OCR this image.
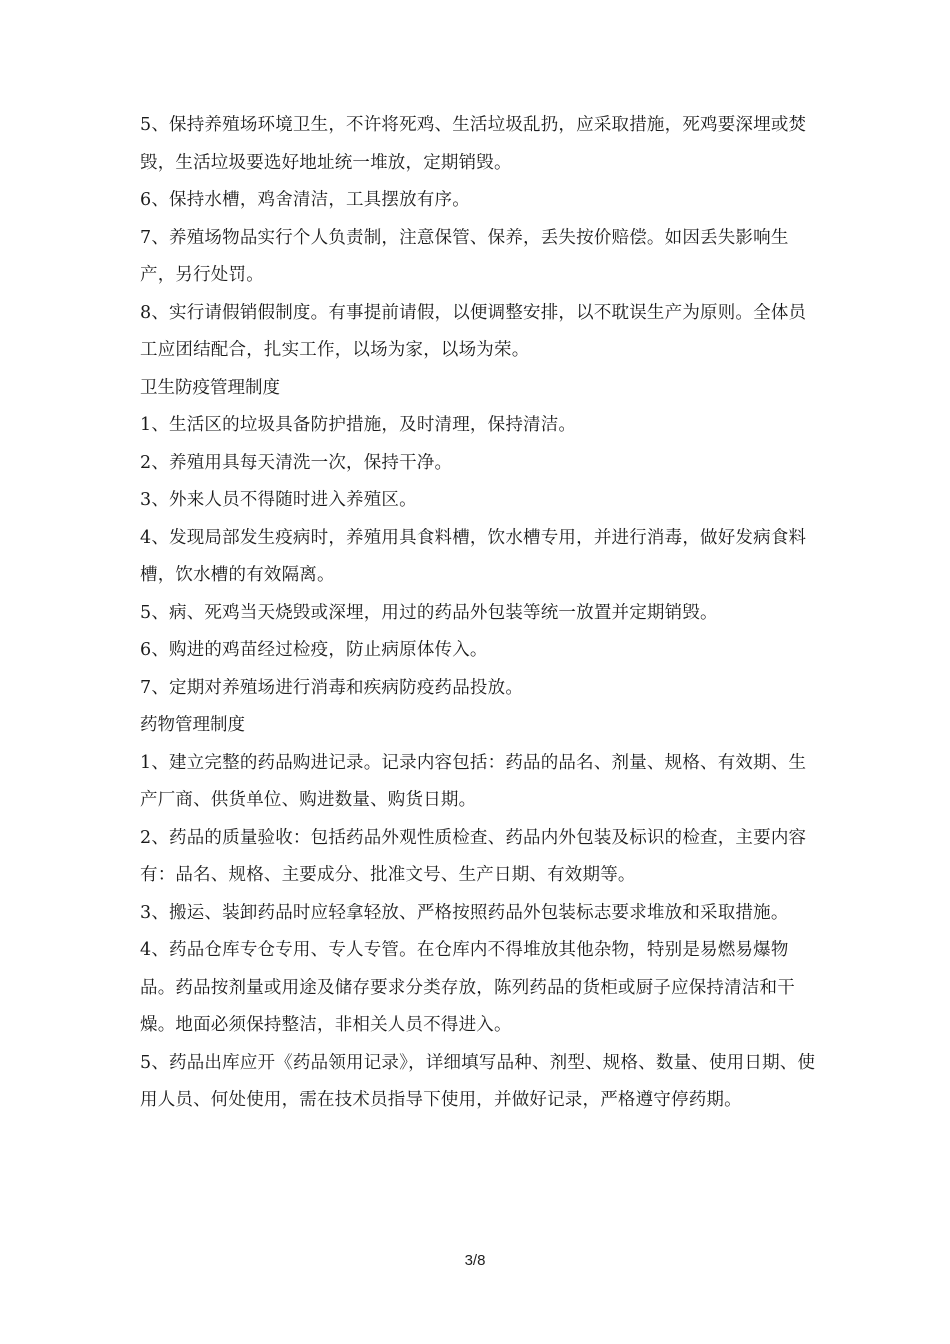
5、保持养殖场环境卫生，不许将死鸡、生活垃圾乱扔，应采取措施，死鸡要深埋或焚毁，生活垃圾要选好地址统一堆放，定期销毁。

6、保持水槽，鸡舍清洁，工具摆放有序。

7、养殖场物品实行个人负责制，注意保管、保养，丢失按价赔偿。如因丢失影响生产，另行处罚。

8、实行请假销假制度。有事提前请假，以便调整安排，以不耽误生产为原则。全体员工应团结配合，扎实工作，以场为家，以场为荣。

卫生防疫管理制度

1、生活区的垃圾具备防护措施，及时清理，保持清洁。

2、养殖用具每天清洗一次，保持干净。

3、外来人员不得随时进入养殖区。

4、发现局部发生疫病时，养殖用具食料槽，饮水槽专用，并进行消毒，做好发病食料槽，饮水槽的有效隔离。

5、病、死鸡当天烧毁或深埋，用过的药品外包装等统一放置并定期销毁。

6、购进的鸡苗经过检疫，防止病原体传入。

7、定期对养殖场进行消毒和疾病防疫药品投放。

药物管理制度

1、建立完整的药品购进记录。记录内容包括：药品的品名、剂量、规格、有效期、生产厂商、供货单位、购进数量、购货日期。

2、药品的质量验收：包括药品外观性质检查、药品内外包装及标识的检查，主要内容有：品名、规格、主要成分、批准文号、生产日期、有效期等。

3、搬运、装卸药品时应轻拿轻放、严格按照药品外包装标志要求堆放和采取措施。

4、药品仓库专仓专用、专人专管。在仓库内不得堆放其他杂物，特别是易燃易爆物品。药品按剂量或用途及储存要求分类存放，陈列药品的货柜或厨子应保持清洁和干燥。地面必须保持整洁，非相关人员不得进入。

5、药品出库应开《药品领用记录》，详细填写品种、剂型、规格、数量、使用日期、使用人员、何处使用，需在技术员指导下使用，并做好记录，严格遵守停药期。

3/8
